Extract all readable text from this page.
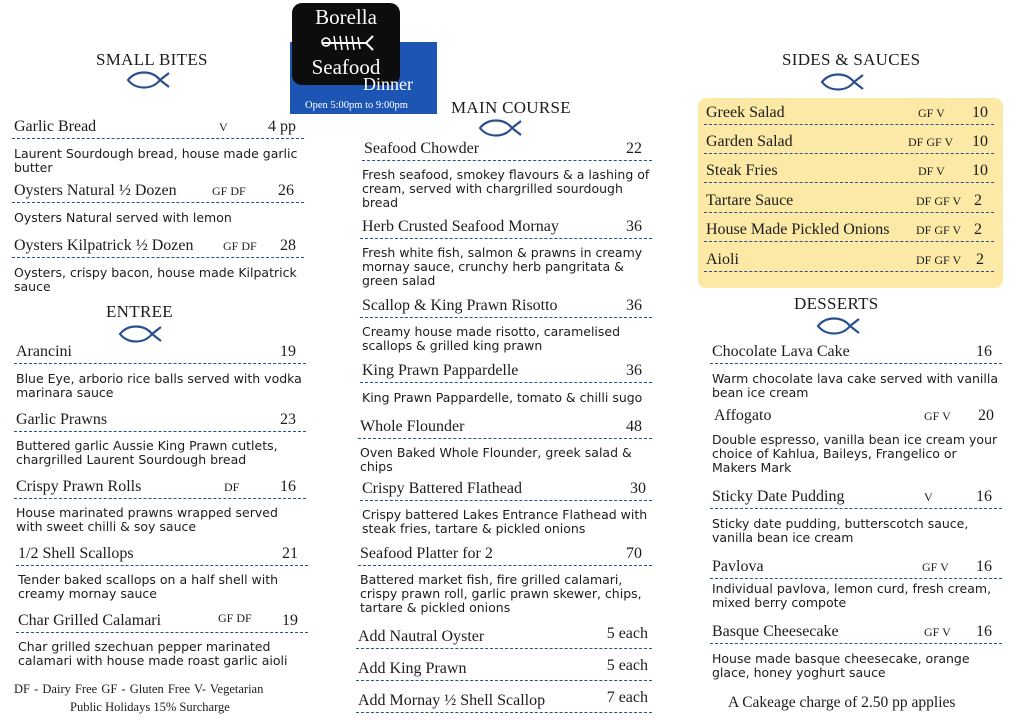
Borella
Seafood
Dinner
Open 5:00pm to 9:00pm
SMALL BITES
Garlic Bread	V	4 pp
Laurent Sourdough bread, house made garlic butter
Oysters Natural ½ Dozen	GF DF 26
Oysters Natural served with lemon
Oysters Kilpatrick ½ Dozen GF DF 28
Oysters, crispy bacon, house made Kilpatrick sauce
ENTREE
Arancini	19
Blue Eye, arborio rice balls served with vodka marinara sauce
Garlic Prawns	23
Buttered garlic Aussie King Prawn cutlets, chargrilled Laurent Sourdough bread
Crispy Prawn Rolls	DF	16
House marinated prawns wrapped served with sweet chilli & soy sauce
1/2 Shell Scallops	21
Tender baked scallops on a half shell with creamy mornay sauce
Char Grilled Calamari	GF DF 19
Char grilled szechuan pepper marinated calamari with house made roast garlic aioli
DF - Dairy Free GF - Gluten Free V- Vegetarian
Public Holidays 15% Surcharge
MAIN COURSE
Seafood Chowder	22
Fresh seafood, smokey flavours & a lashing of cream, served with chargrilled sourdough bread
Herb Crusted Seafood Mornay	36
Fresh white fish, salmon & prawns in creamy mornay sauce, crunchy herb pangritata & green salad
Scallop & King Prawn Risotto	36
Creamy house made risotto, caramelised scallops & grilled king prawn
King Prawn Pappardelle	36
King Prawn Pappardelle, tomato & chilli sugo
Whole Flounder	48
Oven Baked Whole Flounder, greek salad & chips
Crispy Battered Flathead	30
Crispy battered Lakes Entrance Flathead with steak fries, tartare & pickled onions
Seafood Platter for 2	70
Battered market fish, fire grilled calamari, crispy prawn roll, garlic prawn skewer, chips, tartare & pickled onions
Add Nautral Oyster	5 each
Add King Prawn	5 each
Add Mornay ½ Shell Scallop	7 each
SIDES & SAUCES
Greek Salad	GF V 10
Garden Salad	DF GF V 10
Steak Fries	DF V 10
Tartare Sauce	DF GF V 2
House Made Pickled Onions DF GF V 2
Aioli	DF GF V 2
DESSERTS
Chocolate Lava Cake	16
Warm chocolate lava cake served with vanilla bean ice cream
Affogato	GF V 20
Double espresso, vanilla bean ice cream your choice of Kahlua, Baileys, Frangelico or Makers Mark
Sticky Date Pudding	V	16
Sticky date pudding, butterscotch sauce, vanilla bean ice cream
Pavlova	GF V 16
Individual pavlova, lemon curd, fresh cream, mixed berry compote
Basque Cheesecake	GF V 16
House made basque cheesecake, orange glace, honey yoghurt sauce
A Cakeage charge of 2.50 pp applies
